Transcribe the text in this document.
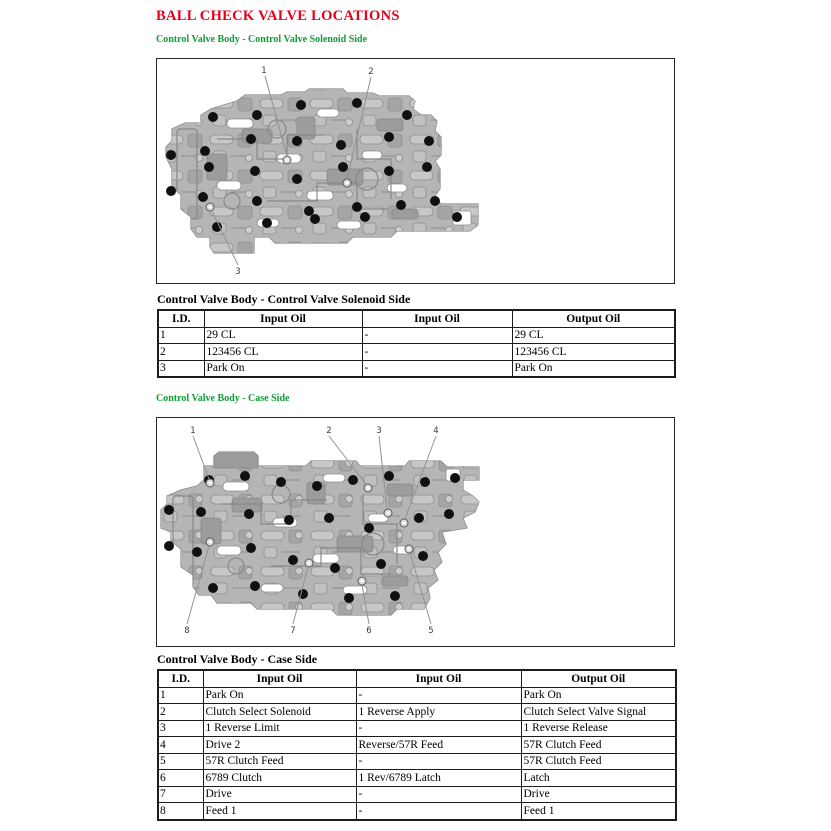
BALL CHECK VALVE LOCATIONS
Control Valve Body - Control Valve Solenoid Side
1	2
3
Control Valve Body - Control Valve Solenoid Side
I.D.	Input Oil	Input Oil	Output Oil
1	29 CL	-	29 CL
2	123456 CL	-	123456 CL
3	Park On	-	Park On
Control Valve Body - Case Side
1	2	3	4
5
6
7
8
Control Valve Body - Case Side
I.D.	Input Oil	Input Oil	Output Oil
1	Park On	-	Park On
2	Clutch Select Solenoid	1 Reverse Apply	Clutch Select Valve Signal
3	1 Reverse Limit	-	1 Reverse Release
4	Drive 2	Reverse/57R Feed	57R Clutch Feed
5	57R Clutch Feed	-	57R Clutch Feed
6	6789 Clutch	1 Rev/6789 Latch	Latch
7	Drive	-	Drive
8	Feed 1	-	Feed 1
